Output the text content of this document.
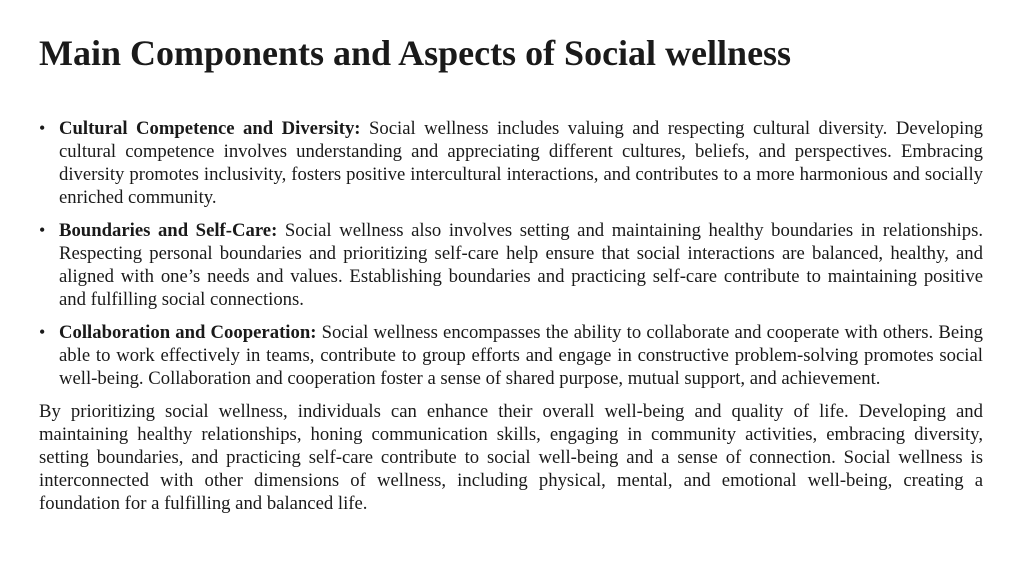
Main Components and Aspects of Social wellness
• Cultural Competence and Diversity: Social wellness includes valuing and respecting cultural diversity. Developing cultural competence involves understanding and appreciating different cultures, beliefs, and perspectives. Embracing diversity promotes inclusivity, fosters positive intercultural interactions, and contributes to a more harmonious and socially enriched community.
• Boundaries and Self-Care: Social wellness also involves setting and maintaining healthy boundaries in relationships. Respecting personal boundaries and prioritizing self-care help ensure that social interactions are balanced, healthy, and aligned with one’s needs and values. Establishing boundaries and practicing self-care contribute to maintaining positive and fulfilling social connections.
• Collaboration and Cooperation: Social wellness encompasses the ability to collaborate and cooperate with others. Being able to work effectively in teams, contribute to group efforts and engage in constructive problem-solving promotes social well-being. Collaboration and cooperation foster a sense of shared purpose, mutual support, and achievement.

By prioritizing social wellness, individuals can enhance their overall well-being and quality of life. Developing and maintaining healthy relationships, honing communication skills, engaging in community activities, embracing diversity, setting boundaries, and practicing self-care contribute to social well-being and a sense of connection. Social wellness is interconnected with other dimensions of wellness, including physical, mental, and emotional well-being, creating a foundation for a fulfilling and balanced life.
